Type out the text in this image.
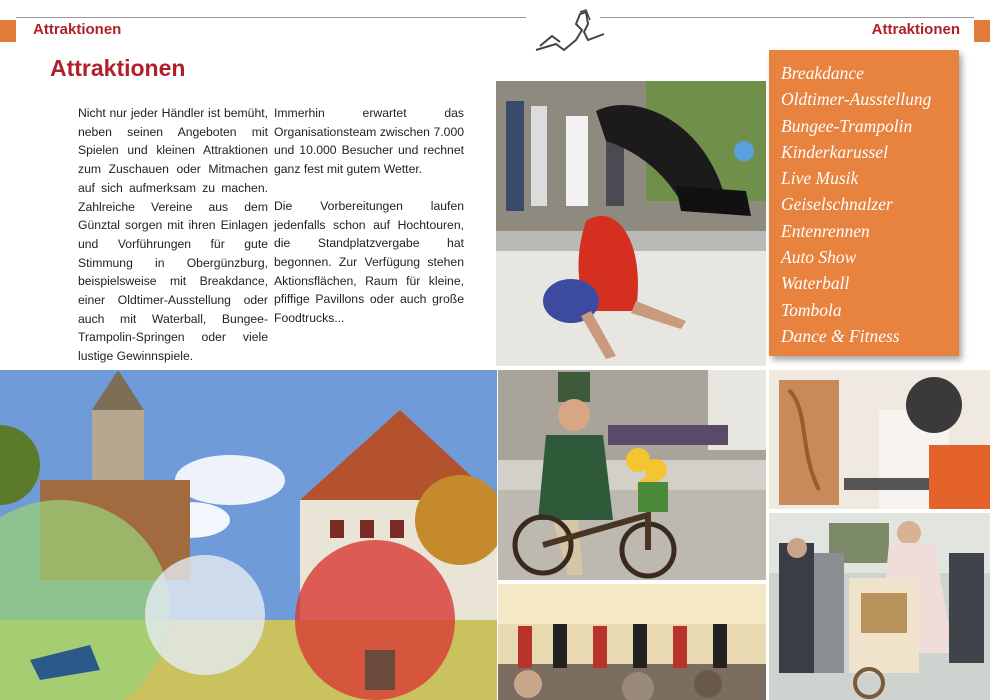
Attraktionen	Attraktionen
Attraktionen

Nicht nur jeder Händler ist bemüht, neben seinen Angeboten mit Spielen und kleinen Attraktionen zum Zuschauen oder Mitmachen auf sich aufmerksam zu machen. Zahlreiche Vereine aus dem Günztal sorgen mit ihren Einlagen und Vorführungen für gute Stimmung in Obergünzburg, beispielsweise mit Breakdance, einer Oldtimer-Ausstellung oder auch mit Waterball, Bungee-Trampolin-Springen oder viele lustige Gewinnspiele.

Immerhin erwartet das Organisationsteam zwischen 7.000 und 10.000 Besucher und rechnet ganz fest mit gutem Wetter.

Die Vorbereitungen laufen jedenfalls schon auf Hochtouren, die Standplatzvergabe hat begonnen. Zur Verfügung stehen Aktionsflächen, Raum für kleine, pfiffige Pavillons oder auch große Foodtrucks...

Breakdance
Oldtimer-Ausstellung
Bungee-Trampolin
Kinderkarussel
Live Musik
Geiselschnalzer
Entenrennen
Auto Show
Waterball
Tombola
Dance & Fitness
